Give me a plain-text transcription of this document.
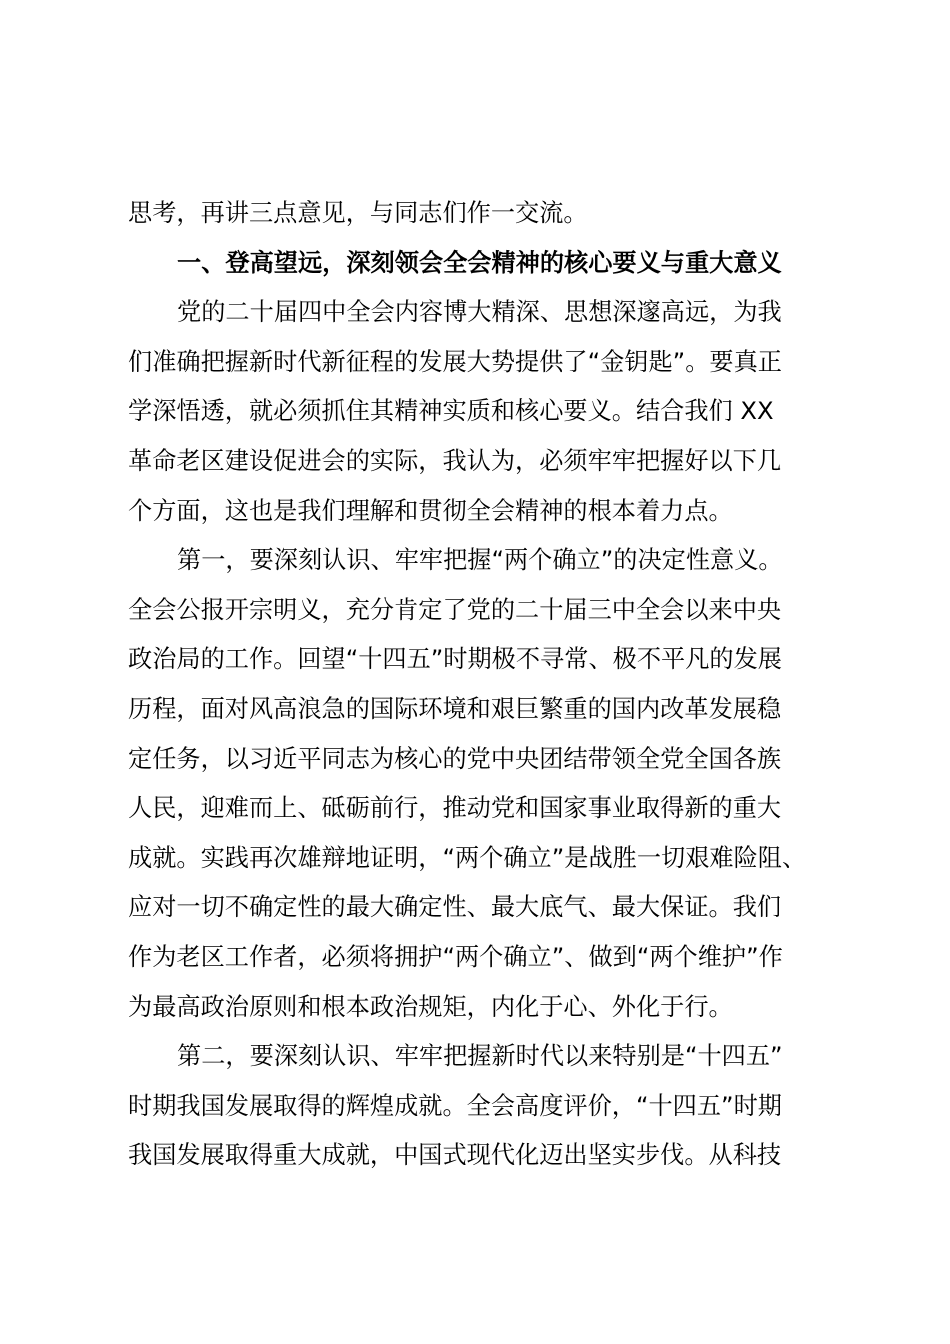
思考，再讲三点意见，与同志们作一交流。
一、登高望远，深刻领会全会精神的核心要义与重大意义
党的二十届四中全会内容博大精深、思想深邃高远，为我
们准确把握新时代新征程的发展大势提供了“金钥匙”。要真正
学深悟透，就必须抓住其精神实质和核心要义。结合我们 XX
革命老区建设促进会的实际，我认为，必须牢牢把握好以下几
个方面，这也是我们理解和贯彻全会精神的根本着力点。
第一，要深刻认识、牢牢把握“两个确立”的决定性意义。
全会公报开宗明义，充分肯定了党的二十届三中全会以来中央
政治局的工作。回望“十四五”时期极不寻常、极不平凡的发展
历程，面对风高浪急的国际环境和艰巨繁重的国内改革发展稳
定任务，以习近平同志为核心的党中央团结带领全党全国各族
人民，迎难而上、砥砺前行，推动党和国家事业取得新的重大
成就。实践再次雄辩地证明，“两个确立”是战胜一切艰难险阻、
应对一切不确定性的最大确定性、最大底气、最大保证。我们
作为老区工作者，必须将拥护“两个确立”、做到“两个维护”作
为最高政治原则和根本政治规矩，内化于心、外化于行。
第二，要深刻认识、牢牢把握新时代以来特别是“十四五”
时期我国发展取得的辉煌成就。全会高度评价，“十四五”时期
我国发展取得重大成就，中国式现代化迈出坚实步伐。从科技
